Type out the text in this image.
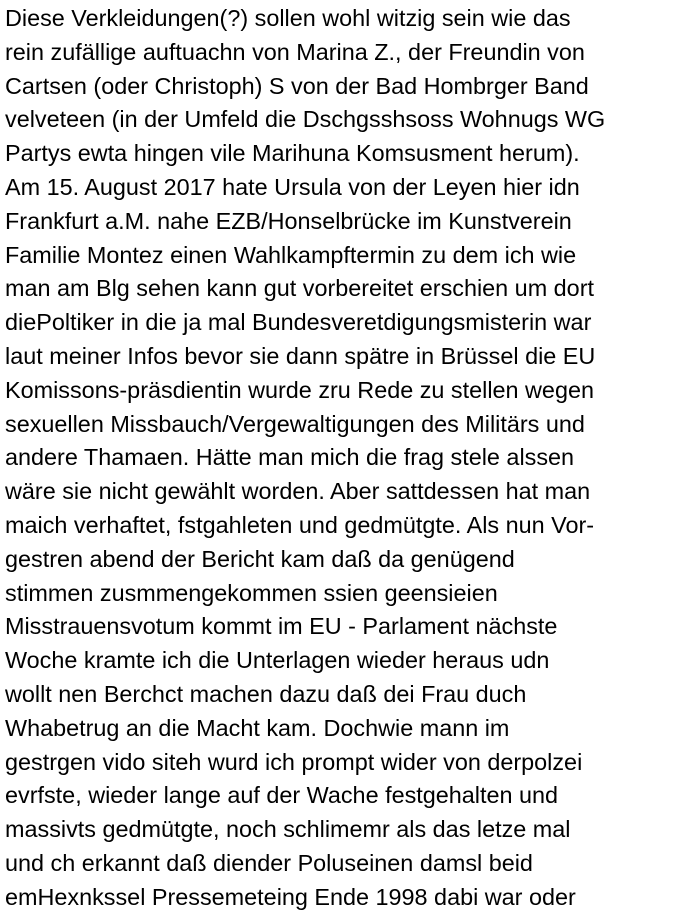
Diese Verkleidungen(?) sollen wohl witzig sein wie das
rein zufällige auftuachn von Marina Z., der Freundin von
Cartsen (oder Christoph) S von der Bad Hombrger Band
velveteen (in der Umfeld die Dschgsshsoss Wohnugs WG
Partys ewta hingen vile Marihuna Komsusment herum).
Am 15. August 2017 hate Ursula von der Leyen hier idn
Frankfurt a.M. nahe EZB/Honselbrücke im Kunstverein
Familie Montez einen Wahlkampftermin zu dem ich wie
man am Blg sehen kann gut vorbereitet erschien um dort
diePoltiker in die ja mal Bundesveretdigungsmisterin war
laut meiner Infos bevor sie dann spätre in Brüssel die EU
Komissons-präsdientin wurde zru Rede zu stellen wegen
sexuellen Missbauch/Vergewaltigungen des Militärs und
andere Thamaen. Hätte man mich die frag stele alssen
wäre sie nicht gewählt worden. Aber sattdessen hat man
maich verhaftet, fstgahleten und gedmütgte. Als nun Vor-
gestren abend der Bericht kam daß da genügend
stimmen zusmmengekommen ssien geensieien
Misstrauensvotum kommt im EU - Parlament nächste
Woche kramte ich die Unterlagen wieder heraus udn
wollt nen Berchct machen dazu daß dei Frau duch
Whabetrug an die Macht kam. Dochwie mann im
gestrgen vido siteh wurd ich prompt wider von derpolzei
evrfste, wieder lange auf der Wache festgehalten und
massivts gedmütgte, noch schlimemr als das letze mal
und ch erkannt daß diender Poluseinen damsl beid
emHexnkssel Pressemeteing Ende 1998 dabi war oder
